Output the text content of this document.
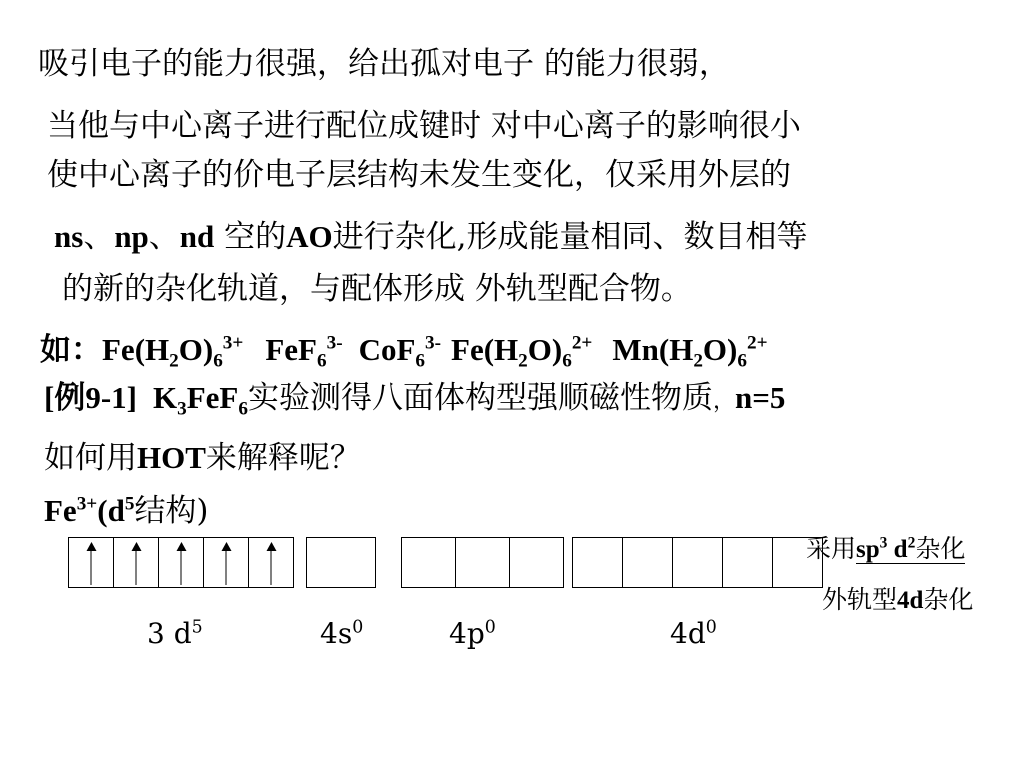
吸引电子的能力很强，给出孤对电子 的能力很弱，
当他与中心离子进行配位成键时 对中心离子的影响很小
使中心离子的价电子层结构未发生变化，仅采用外层的
ns、np、nd 空的AO进行杂化,形成能量相同、数目相等
的新的杂化轨道，与配体形成 外轨型配合物。
如：$Fe(H_2O)_6^{3+}$ FeF$_6^{3-}$ CoF$_6^{3-}$ $Fe(H_2O)_6^{2+}$ $Mn(H_2O)_6^{2+}$
[例9-1] $K_3FeF_6$实验测得八面体构型强顺磁性物质，n=5
如何用HOT来解释呢？
$Fe^{3+}(d^5$结构)
3 $d^5$	$4s^0$	$4p^0$	$4d^0$
采用$sp^3$ $d^2$杂化
外轨型4d杂化
